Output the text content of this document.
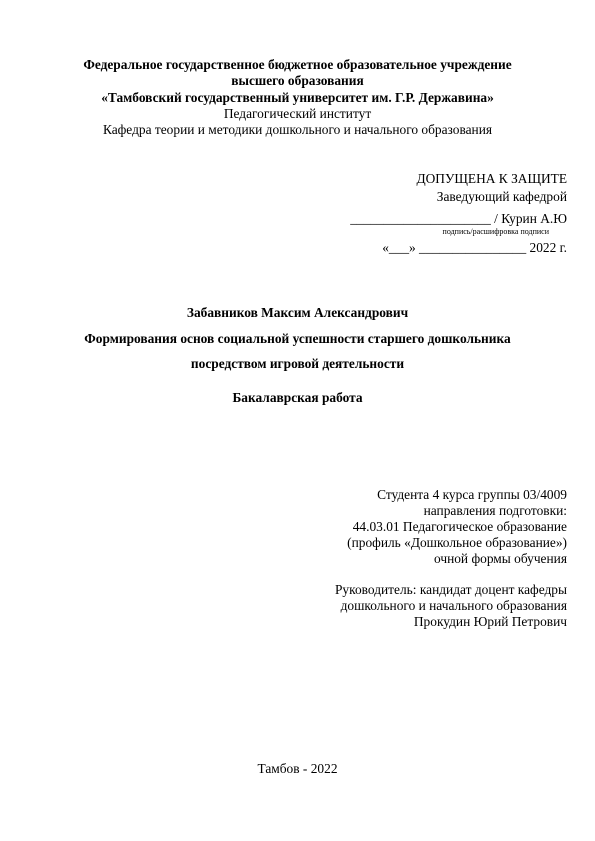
Федеральное государственное бюджетное образовательное учреждение
высшего образования
«Тамбовский государственный университет им. Г.Р. Державина»
Педагогический институт
Кафедра теории и методики дошкольного и начального образования
ДОПУЩЕНА К ЗАЩИТЕ
Заведующий кафедрой
_____________________ / Курин А.Ю
подпись/расшифровка подписи
«___» ________________ 2022 г.
Забавников Максим Александрович
Формирования основ социальной успешности старшего дошкольника
посредством игровой деятельности
Бакалаврская работа
Студента 4 курса группы 03/4009
направления подготовки:
44.03.01 Педагогическое образование
(профиль «Дошкольное образование»)
очной формы обучения
Руководитель: кандидат доцент кафедры
дошкольного и начального образования
Прокудин Юрий Петрович
Тамбов - 2022
